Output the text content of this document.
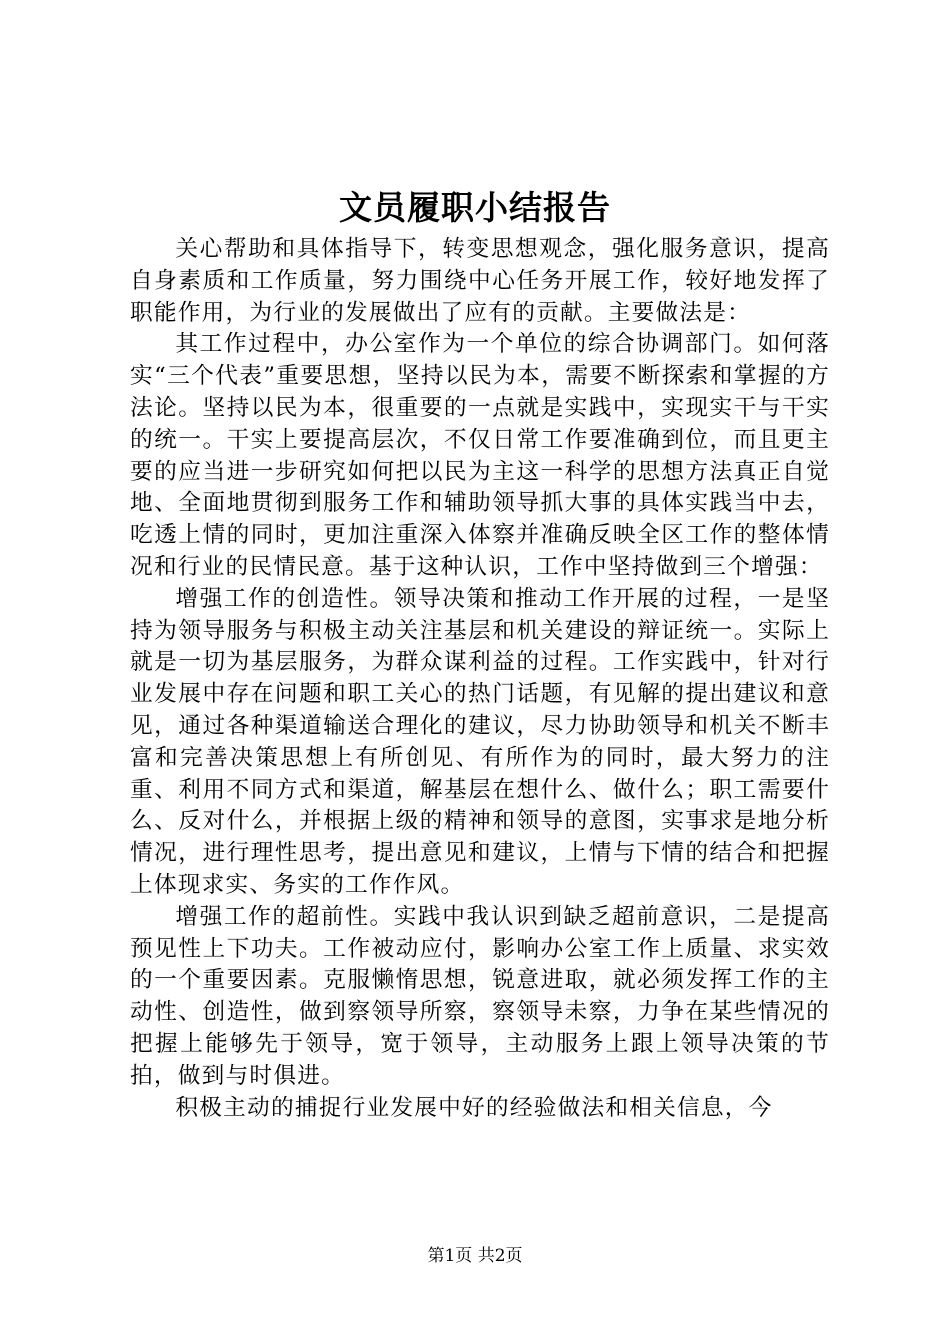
文员履职小结报告

关心帮助和具体指导下，转变思想观念，强化服务意识，提高自身素质和工作质量，努力围绕中心任务开展工作，较好地发挥了职能作用，为行业的发展做出了应有的贡献。主要做法是：

其工作过程中，办公室作为一个单位的综合协调部门。如何落实“三个代表”重要思想，坚持以民为本，需要不断探索和掌握的方法论。坚持以民为本，很重要的一点就是实践中，实现实干与干实的统一。干实上要提高层次，不仅日常工作要准确到位，而且更主要的应当进一步研究如何把以民为主这一科学的思想方法真正自觉地、全面地贯彻到服务工作和辅助领导抓大事的具体实践当中去，吃透上情的同时，更加注重深入体察并准确反映全区工作的整体情况和行业的民情民意。基于这种认识，工作中坚持做到三个增强：

增强工作的创造性。领导决策和推动工作开展的过程，一是坚持为领导服务与积极主动关注基层和机关建设的辩证统一。实际上就是一切为基层服务，为群众谋利益的过程。工作实践中，针对行业发展中存在问题和职工关心的热门话题，有见解的提出建议和意见，通过各种渠道输送合理化的建议，尽力协助领导和机关不断丰富和完善决策思想上有所创见、有所作为的同时，最大努力的注重、利用不同方式和渠道，解基层在想什么、做什么；职工需要什么、反对什么，并根据上级的精神和领导的意图，实事求是地分析情况，进行理性思考，提出意见和建议，上情与下情的结合和把握上体现求实、务实的工作作风。

增强工作的超前性。实践中我认识到缺乏超前意识，二是提高预见性上下功夫。工作被动应付，影响办公室工作上质量、求实效的一个重要因素。克服懒惰思想，锐意进取，就必须发挥工作的主动性、创造性，做到察领导所察，察领导未察，力争在某些情况的把握上能够先于领导，宽于领导，主动服务上跟上领导决策的节拍，做到与时俱进。

积极主动的捕捉行业发展中好的经验做法和相关信息，今

第1页 共2页
